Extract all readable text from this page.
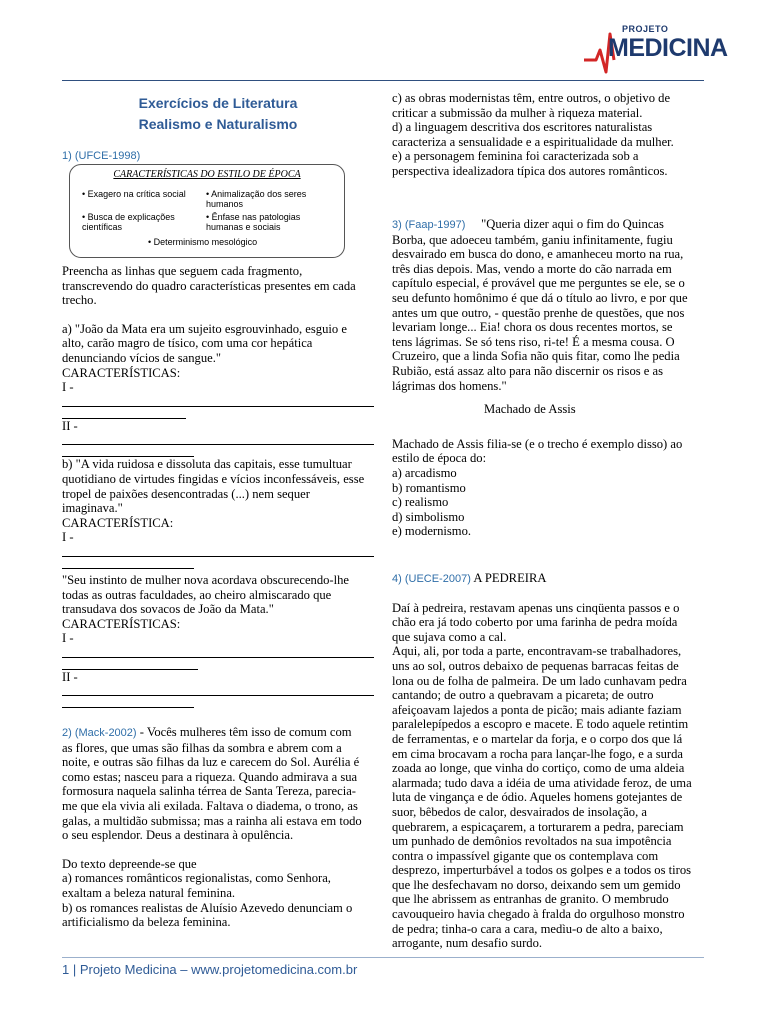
PROJETO
MEDICINA
Exercícios de Literatura
Realismo e Naturalismo
1) (UFCE-1998)
CARACTERÍSTICAS DO ESTILO DE ÉPOCA
• Exagero na crítica social	• Animalização dos seres humanos
• Busca de explicações científicas
• Ênfase nas patologias humanas e sociais
• Determinismo mesológico

Preencha as linhas que seguem cada fragmento,

transcrevendo do quadro características presentes em cada

trecho.

a) "João da Mata era um sujeito esgrouvinhado, esguio e

alto, carão magro de tísico, com uma cor hepática

denunciando vícios de sangue."

CARACTERÍSTICAS:

I -

II -

b) "A vida ruidosa e dissoluta das capitais, esse tumultuar

quotidiano de virtudes fingidas e vícios inconfessáveis, esse

tropel de paixões desencontradas (...) nem sequer

imaginava."

CARACTERÍSTICA:

I -

"Seu instinto de mulher nova acordava obscurecendo-lhe

todas as outras faculdades, ao cheiro almiscarado que

transudava dos sovacos de João da Mata."

CARACTERÍSTICAS:

I -

II -

2) (Mack-2002) - Vocês mulheres têm isso de comum com

as flores, que umas são filhas da sombra e abrem com a

noite, e outras são filhas da luz e carecem do Sol. Aurélia é

como estas; nasceu para a riqueza. Quando admirava a sua

formosura naquela salinha térrea de Santa Tereza, parecia-

me que ela vivia ali exilada. Faltava o diadema, o trono, as

galas, a multidão submissa; mas a rainha ali estava em todo

o seu esplendor. Deus a destinara à opulência.

Do texto depreende-se que

a) romances românticos regionalistas, como Senhora,

exaltam a beleza natural feminina.

b) os romances realistas de Aluísio Azevedo denunciam o

artificialismo da beleza feminina.

c) as obras modernistas têm, entre outros, o objetivo de

criticar a submissão da mulher à riqueza material.

d) a linguagem descritiva dos escritores naturalistas

caracteriza a sensualidade e a espiritualidade da mulher.

e) a personagem feminina foi caracterizada sob a

perspectiva idealizadora típica dos autores românticos.

3) (Faap-1997) "Queria dizer aqui o fim do Quincas

Borba, que adoeceu também, ganiu infinitamente, fugiu

desvairado em busca do dono, e amanheceu morto na rua,

três dias depois. Mas, vendo a morte do cão narrada em

capítulo especial, é provável que me perguntes se ele, se o

seu defunto homônimo é que dá o título ao livro, e por que

antes um que outro, - questão prenhe de questões, que nos

levariam longe... Eia! chora os dous recentes mortos, se

tens lágrimas. Se só tens riso, ri-te! É a mesma cousa. O

Cruzeiro, que a linda Sofia não quis fitar, como lhe pedia

Rubião, está assaz alto para não discernir os risos e as

lágrimas dos homens."

Machado de Assis

Machado de Assis filia-se (e o trecho é exemplo disso) ao

estilo de época do:

a) arcadismo

b) romantismo

c) realismo

d) simbolismo

e) modernismo.

4) (UECE-2007) A PEDREIRA

Daí à pedreira, restavam apenas uns cinqüenta passos e o

chão era já todo coberto por uma farinha de pedra moída

que sujava como a cal.

Aqui, ali, por toda a parte, encontravam-se trabalhadores,

uns ao sol, outros debaixo de pequenas barracas feitas de

lona ou de folha de palmeira. De um lado cunhavam pedra

cantando; de outro a quebravam a picareta; de outro

afeiçoavam lajedos a ponta de picão; mais adiante faziam

paralelepípedos a escopro e macete. E todo aquele retintim

de ferramentas, e o martelar da forja, e o corpo dos que lá

em cima brocavam a rocha para lançar-lhe fogo, e a surda

zoada ao longe, que vinha do cortiço, como de uma aldeia

alarmada; tudo dava a idéia de uma atividade feroz, de uma

luta de vingança e de ódio. Aqueles homens gotejantes de

suor, bêbedos de calor, desvairados de insolação, a

quebrarem, a espicaçarem, a torturarem a pedra, pareciam

um punhado de demônios revoltados na sua impotência

contra o impassível gigante que os contemplava com

desprezo, imperturbável a todos os golpes e a todos os tiros

que lhe desfechavam no dorso, deixando sem um gemido

que lhe abrissem as entranhas de granito. O membrudo

cavouqueiro havia chegado à fralda do orgulhoso monstro

de pedra; tinha-o cara a cara, medìu-o de alto a baixo,

arrogante, num desafio surdo.

1 | Projeto Medicina – www.projetomedicina.com.br
